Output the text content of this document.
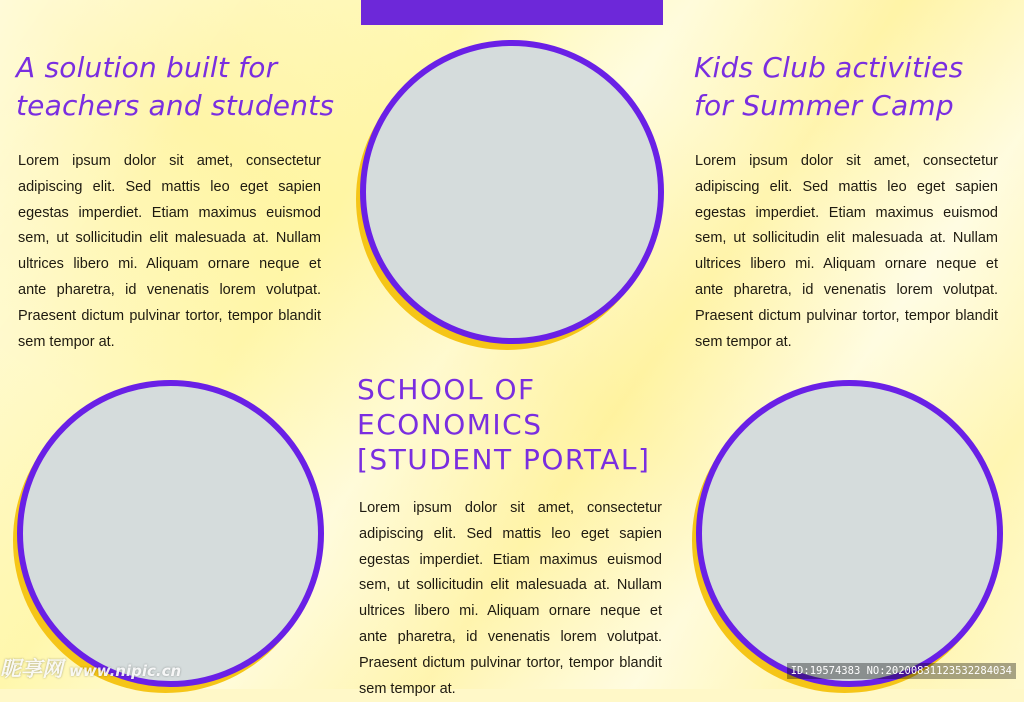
A solution built for
teachers and students

Lorem ipsum dolor sit amet, consectetur adipiscing elit. Sed mattis leo eget sapien egestas imperdiet. Etiam maximus euismod sem, ut sollicitudin elit malesuada at. Nullam ultrices libero mi. Aliquam ornare neque et ante pharetra, id venenatis lorem volutpat. Praesent dictum pulvinar tortor, tempor blandit sem tempor at.

Kids Club activities
for Summer Camp

Lorem ipsum dolor sit amet, consectetur adipiscing elit. Sed mattis leo eget sapien egestas imperdiet. Etiam maximus euismod sem, ut sollicitudin elit malesuada at. Nullam ultrices libero mi. Aliquam ornare neque et ante pharetra, id venenatis lorem volutpat. Praesent dictum pulvinar tortor, tempor blandit sem tempor at.

SCHOOL OF
ECONOMICS
[STUDENT PORTAL]

Lorem ipsum dolor sit amet, consectetur adipiscing elit. Sed mattis leo eget sapien egestas imperdiet. Etiam maximus euismod sem, ut sollicitudin elit malesuada at. Nullam ultrices libero mi. Aliquam ornare neque et ante pharetra, id venenatis lorem volutpat. Praesent dictum pulvinar tortor, tempor blandit sem tempor at.

昵享网 www.nipic.cn	ID:19574383 NO:20200831123532284034
